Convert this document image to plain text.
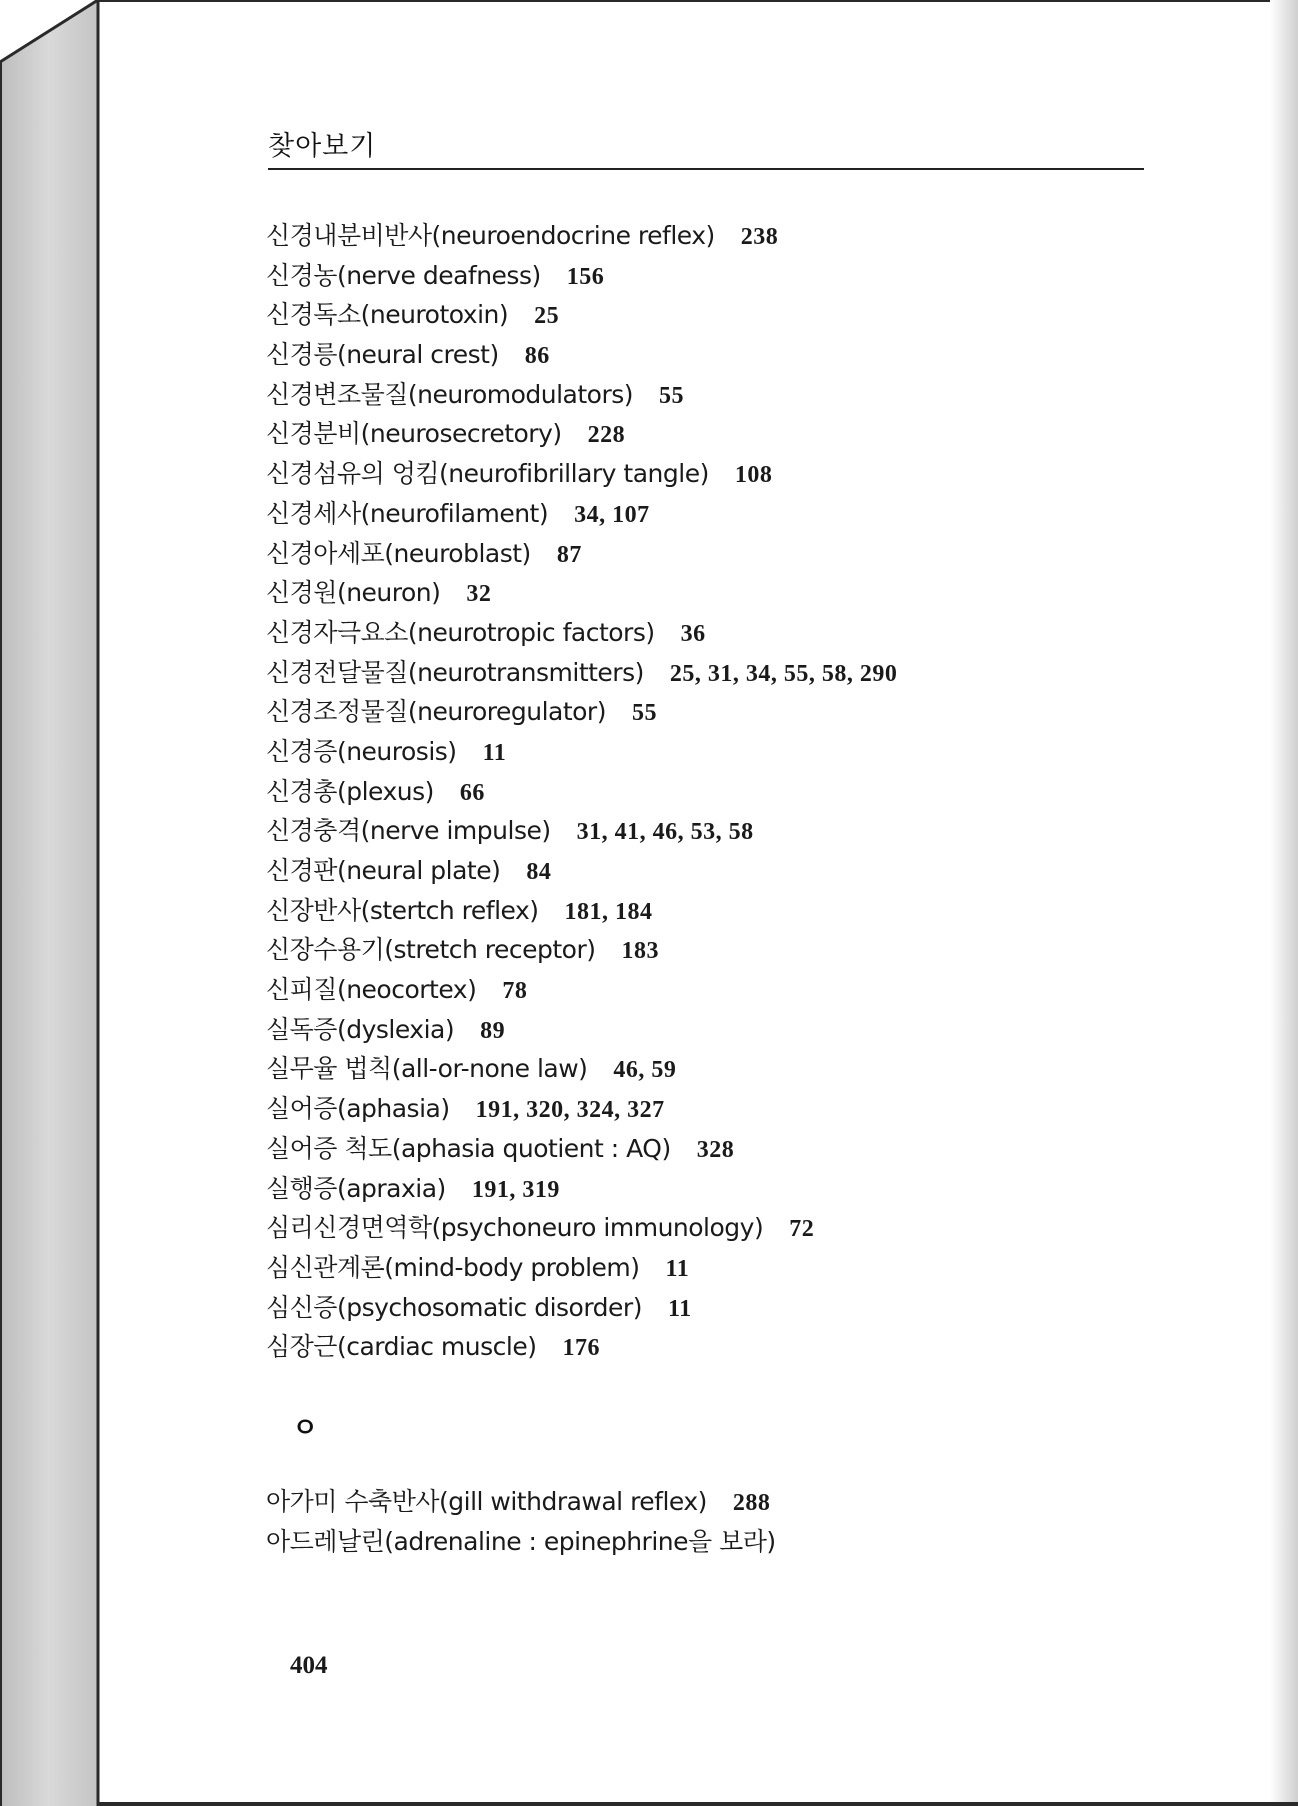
찾아보기
신경내분비반사(neuroendocrine reflex) 238
신경농(nerve deafness) 156
신경독소(neurotoxin) 25
신경릉(neural crest) 86
신경변조물질(neuromodulators) 55
신경분비(neurosecretory) 228
신경섬유의 엉킴(neurofibrillary tangle) 108
신경세사(neurofilament) 34, 107
신경아세포(neuroblast) 87
신경원(neuron) 32
신경자극요소(neurotropic factors) 36
신경전달물질(neurotransmitters) 25, 31, 34, 55, 58, 290
신경조정물질(neuroregulator) 55
신경증(neurosis) 11
신경총(plexus) 66
신경충격(nerve impulse) 31, 41, 46, 53, 58
신경판(neural plate) 84
신장반사(stertch reflex) 181, 184
신장수용기(stretch receptor) 183
신피질(neocortex) 78
실독증(dyslexia) 89
실무율 법칙(all-or-none law) 46, 59
실어증(aphasia) 191, 320, 324, 327
실어증 척도(aphasia quotient : AQ) 328
실행증(apraxia) 191, 319
심리신경면역학(psychoneuro immunology) 72
심신관계론(mind-body problem) 11
심신증(psychosomatic disorder) 11
심장근(cardiac muscle) 176
ㅇ
아가미 수축반사(gill withdrawal reflex) 288
아드레날린(adrenaline : epinephrine을 보라)
404
